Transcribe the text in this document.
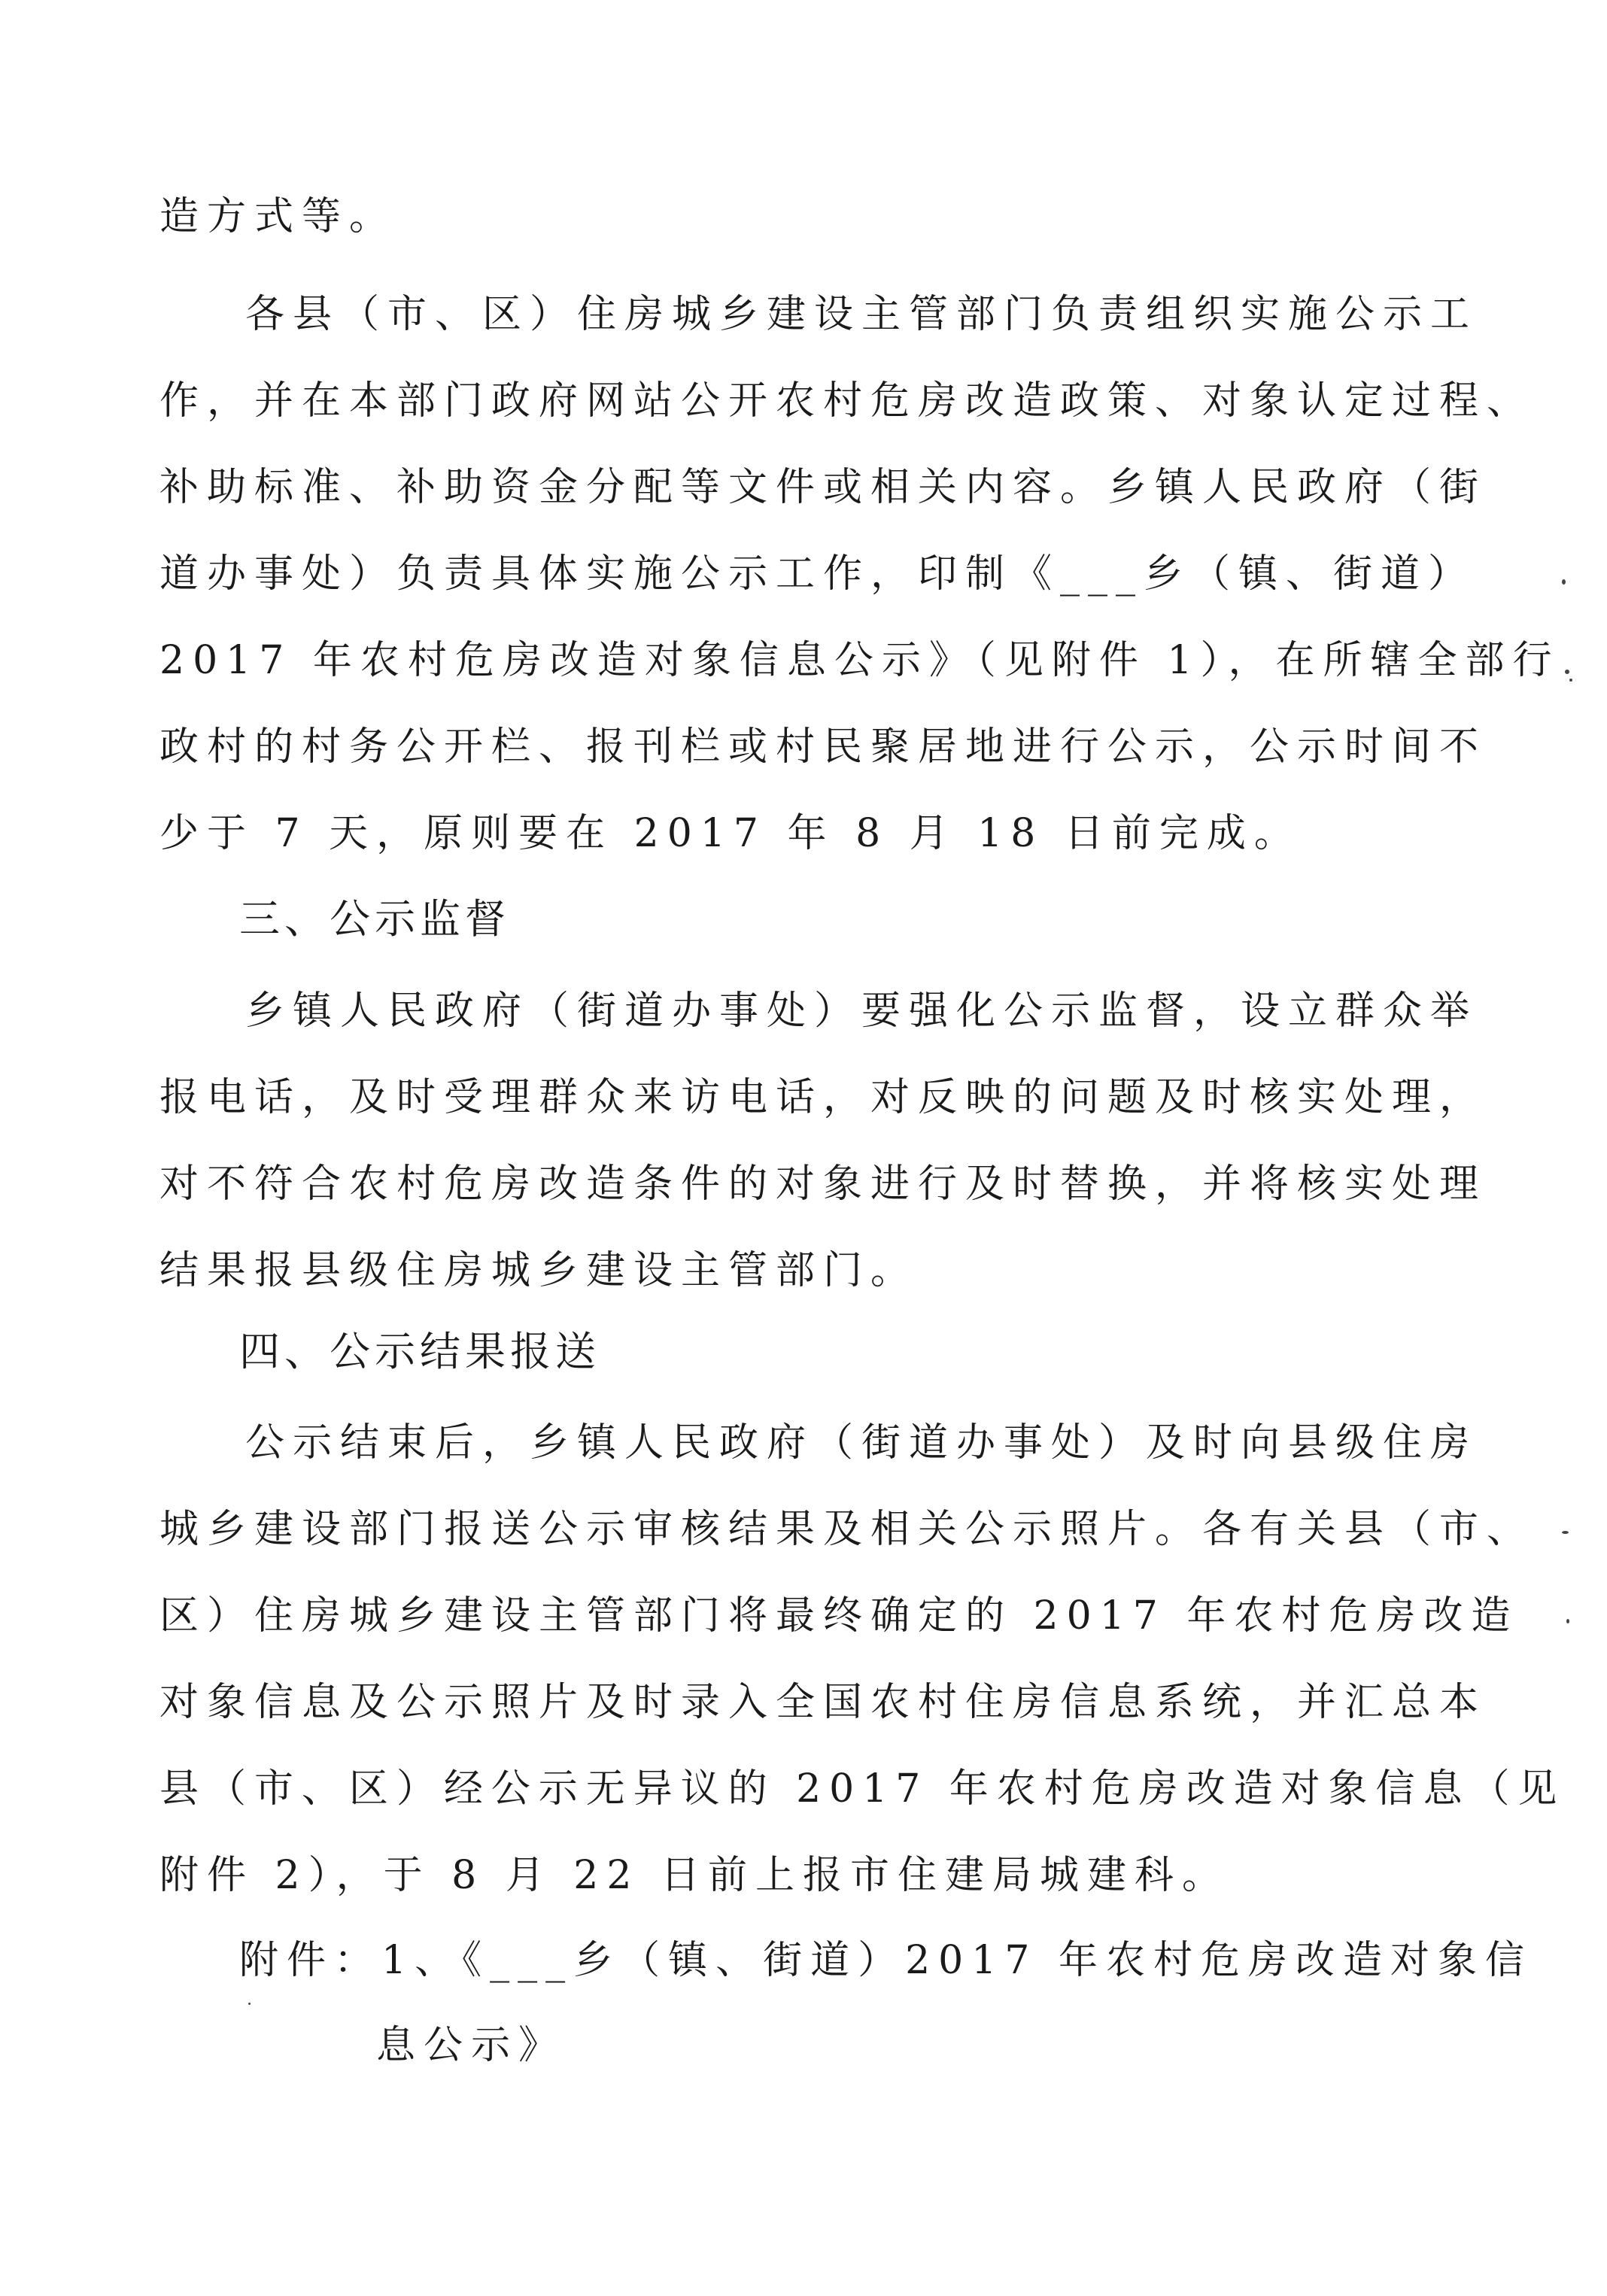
造方式等。
各县（市、区）住房城乡建设主管部门负责组织实施公示工
作，并在本部门政府网站公开农村危房改造政策、对象认定过程、
补助标准、补助资金分配等文件或相关内容。乡镇人民政府（街
道办事处）负责具体实施公示工作，印制《___乡（镇、街道）
2017 年农村危房改造对象信息公示》（见附件 1），在所辖全部行
政村的村务公开栏、报刊栏或村民聚居地进行公示，公示时间不
少于 7 天，原则要在 2017 年 8 月 18 日前完成。
三、公示监督
乡镇人民政府（街道办事处）要强化公示监督，设立群众举
报电话，及时受理群众来访电话，对反映的问题及时核实处理，
对不符合农村危房改造条件的对象进行及时替换，并将核实处理
结果报县级住房城乡建设主管部门。
四、公示结果报送
公示结束后，乡镇人民政府（街道办事处）及时向县级住房
城乡建设部门报送公示审核结果及相关公示照片。各有关县（市、
区）住房城乡建设主管部门将最终确定的 2017 年农村危房改造
对象信息及公示照片及时录入全国农村住房信息系统，并汇总本
县（市、区）经公示无异议的 2017 年农村危房改造对象信息（见
附件 2），于 8 月 22 日前上报市住建局城建科。
附件：1、《___乡（镇、街道）2017 年农村危房改造对象信
息公示》
